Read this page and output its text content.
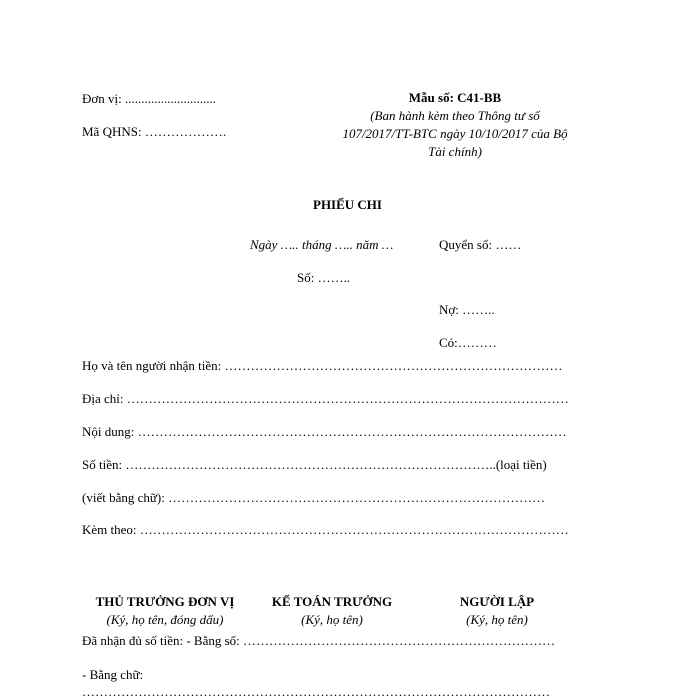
Đơn vị: ............................
Mã QHNS: ……………….
Mẫu số: C41-BB
(Ban hành kèm theo Thông tư số
107/2017/TT-BTC ngày 10/10/2017 của Bộ
Tài chính)
PHIẾU CHI
Ngày ….. tháng ….. năm …	Quyển số: ……
Số: ……..
Nợ: ……..
Có:………
Họ và tên người nhận tiền: ……………………………………………………………………
Địa chỉ: …………………………………………………………………………………………
Nội dung: ………………………………………………………………………………………
Số tiền: …………………………………………………………………………..(loại tiền)
(viết bằng chữ): ……………………………………………………………………………
Kèm theo: ………………………………………………………………………………………
THỦ TRƯỞNG ĐƠN VỊ
(Ký, họ tên, đóng dấu)
KẾ TOÁN TRƯỞNG
(Ký, họ tên)
NGƯỜI LẬP
(Ký, họ tên)
Đã nhận đủ số tiền: - Bằng số: ………………………………………………………………
- Bằng chữ:
………………………………………………………………………………………………
